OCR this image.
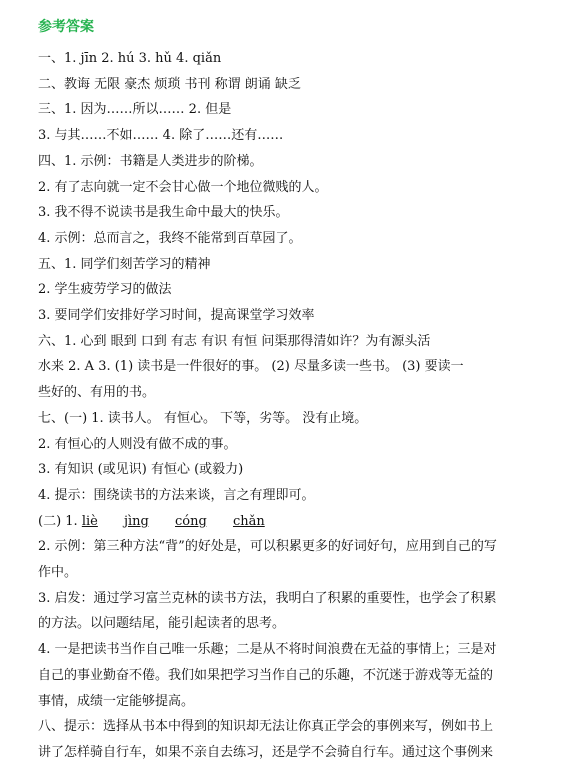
参考答案

一、1. jīn 2. hú 3. hǔ 4. qiǎn

二、教诲 无限 豪杰 烦琐 书刊 称谓 朗诵 缺乏

三、1. 因为……所以…… 2. 但是

3. 与其……不如…… 4. 除了……还有……

四、1. 示例：书籍是人类进步的阶梯。

2. 有了志向就一定不会甘心做一个地位微贱的人。

3. 我不得不说读书是我生命中最大的快乐。

4. 示例：总而言之，我终不能常到百草园了。

五、1. 同学们刻苦学习的精神

2. 学生疲劳学习的做法

3. 要同学们安排好学习时间，提高课堂学习效率

六、1. 心到 眼到 口到 有志 有识 有恒 问渠那得清如许？为有源头活

水来 2. A 3. (1) 读书是一件很好的事。 (2) 尽量多读一些书。 (3) 要读一

些好的、有用的书。

七、(一) 1. 读书人。 有恒心。 下等，劣等。 没有止境。

2. 有恒心的人则没有做不成的事。

3. 有知识 (或见识) 有恒心 (或毅力)

4. 提示：围绕读书的方法来谈，言之有理即可。

(二) 1. liè jìng cóng chǎn

2. 示例：第三种方法“背”的好处是，可以积累更多的好词好句，应用到自己的写

作中。

3. 启发：通过学习富兰克林的读书方法，我明白了积累的重要性，也学会了积累

的方法。以问题结尾，能引起读者的思考。

4. 一是把读书当作自己唯一乐趣；二是从不将时间浪费在无益的事情上；三是对

自己的事业勤奋不倦。我们如果把学习当作自己的乐趣，不沉迷于游戏等无益的

事情，成绩一定能够提高。

八、提示：选择从书本中得到的知识却无法让你真正学会的事例来写，例如书上

讲了怎样骑自行车，如果不亲自去练习，还是学不会骑自行车。通过这个事例来
